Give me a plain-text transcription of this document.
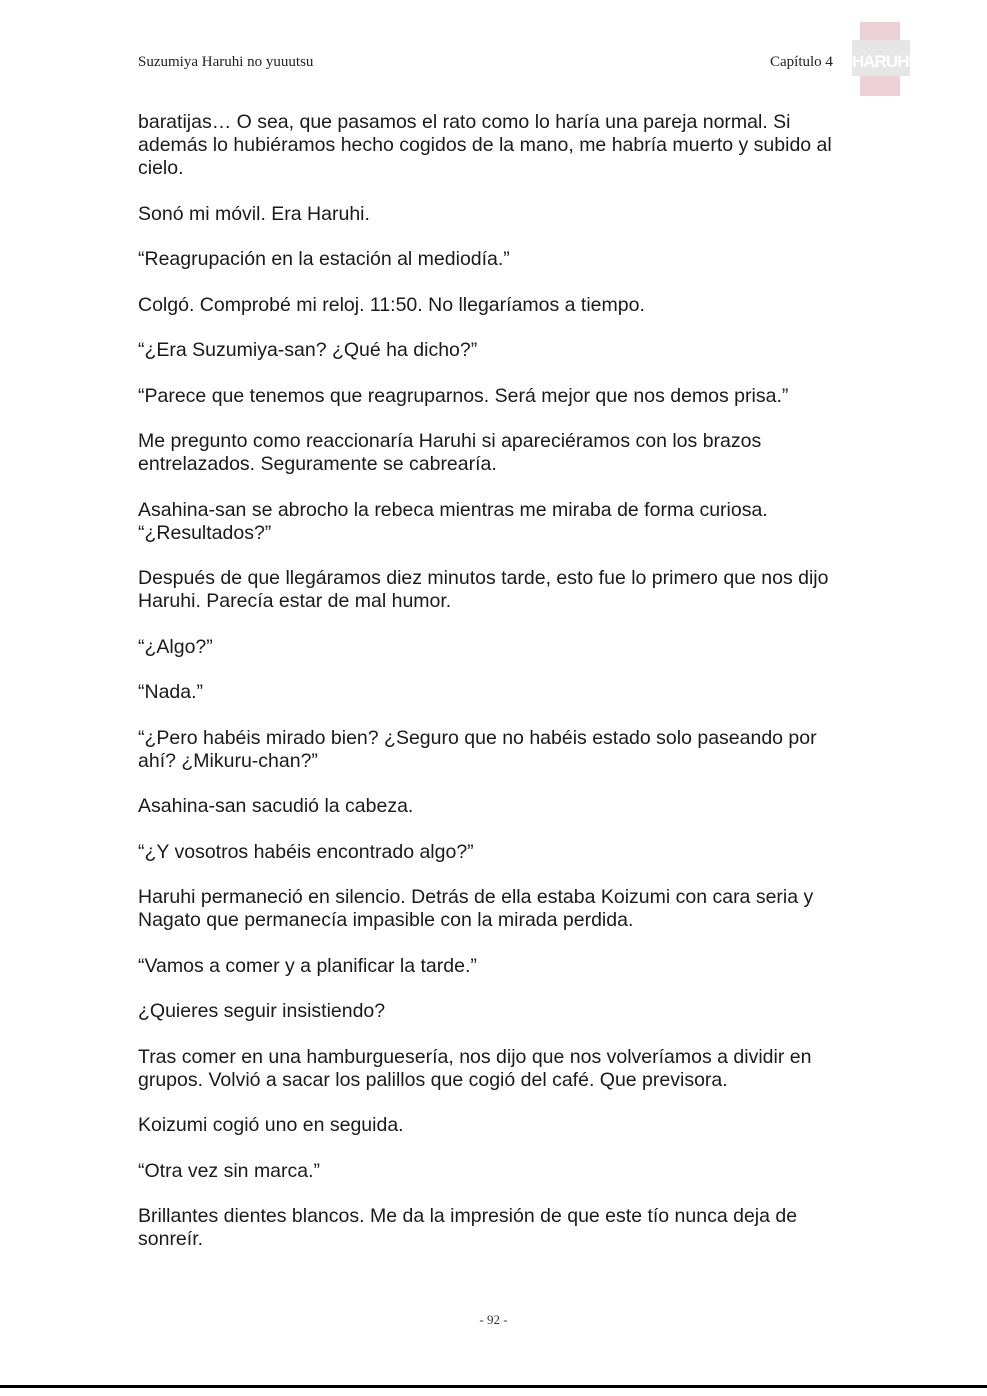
Suzumiya Haruhi no yuuutsu	Capítulo 4 HARUHI

baratijas… O sea, que pasamos el rato como lo haría una pareja normal. Si además lo hubiéramos hecho cogidos de la mano, me habría muerto y subido al cielo.

Sonó mi móvil. Era Haruhi.

“Reagrupación en la estación al mediodía.”

Colgó. Comprobé mi reloj. 11:50. No llegaríamos a tiempo.

“¿Era Suzumiya-san? ¿Qué ha dicho?”

“Parece que tenemos que reagruparnos. Será mejor que nos demos prisa.”

Me pregunto como reaccionaría Haruhi si apareciéramos con los brazos entrelazados. Seguramente se cabrearía.

Asahina-san se abrocho la rebeca mientras me miraba de forma curiosa. “¿Resultados?”

Después de que llegáramos diez minutos tarde, esto fue lo primero que nos dijo Haruhi. Parecía estar de mal humor.

“¿Algo?”

“Nada.”

“¿Pero habéis mirado bien? ¿Seguro que no habéis estado solo paseando por ahí? ¿Mikuru-chan?”

Asahina-san sacudió la cabeza.

“¿Y vosotros habéis encontrado algo?”

Haruhi permaneció en silencio. Detrás de ella estaba Koizumi con cara seria y Nagato que permanecía impasible con la mirada perdida.

“Vamos a comer y a planificar la tarde.”

¿Quieres seguir insistiendo?

Tras comer en una hamburguesería, nos dijo que nos volveríamos a dividir en grupos. Volvió a sacar los palillos que cogió del café. Que previsora.

Koizumi cogió uno en seguida.

“Otra vez sin marca.”

Brillantes dientes blancos. Me da la impresión de que este tío nunca deja de sonreír.

- 92 -
